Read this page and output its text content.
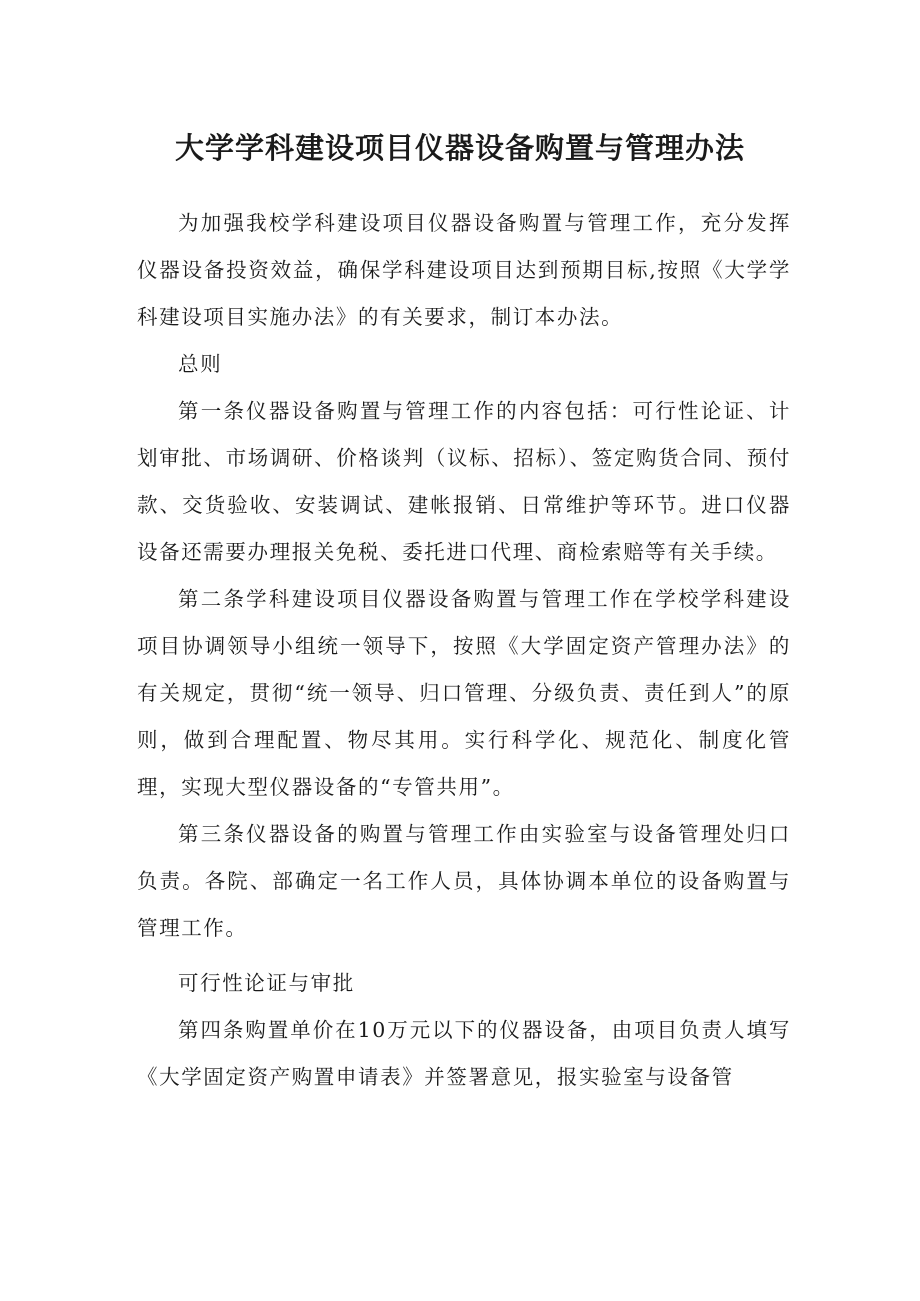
大学学科建设项目仪器设备购置与管理办法

为加强我校学科建设项目仪器设备购置与管理工作，充分发挥仪器设备投资效益，确保学科建设项目达到预期目标,按照《大学学科建设项目实施办法》的有关要求，制订本办法。

总则

第一条仪器设备购置与管理工作的内容包括：可行性论证、计划审批、市场调研、价格谈判（议标、招标）、签定购货合同、预付款、交货验收、安装调试、建帐报销、日常维护等环节。进口仪器设备还需要办理报关免税、委托进口代理、商检索赔等有关手续。

第二条学科建设项目仪器设备购置与管理工作在学校学科建设项目协调领导小组统一领导下，按照《大学固定资产管理办法》的有关规定，贯彻“统一领导、归口管理、分级负责、责任到人”的原则，做到合理配置、物尽其用。实行科学化、规范化、制度化管理，实现大型仪器设备的“专管共用”。

第三条仪器设备的购置与管理工作由实验室与设备管理处归口负责。各院、部确定一名工作人员，具体协调本单位的设备购置与管理工作。

可行性论证与审批

第四条购置单价在10万元以下的仪器设备，由项目负责人填写《大学固定资产购置申请表》并签署意见，报实验室与设备管
